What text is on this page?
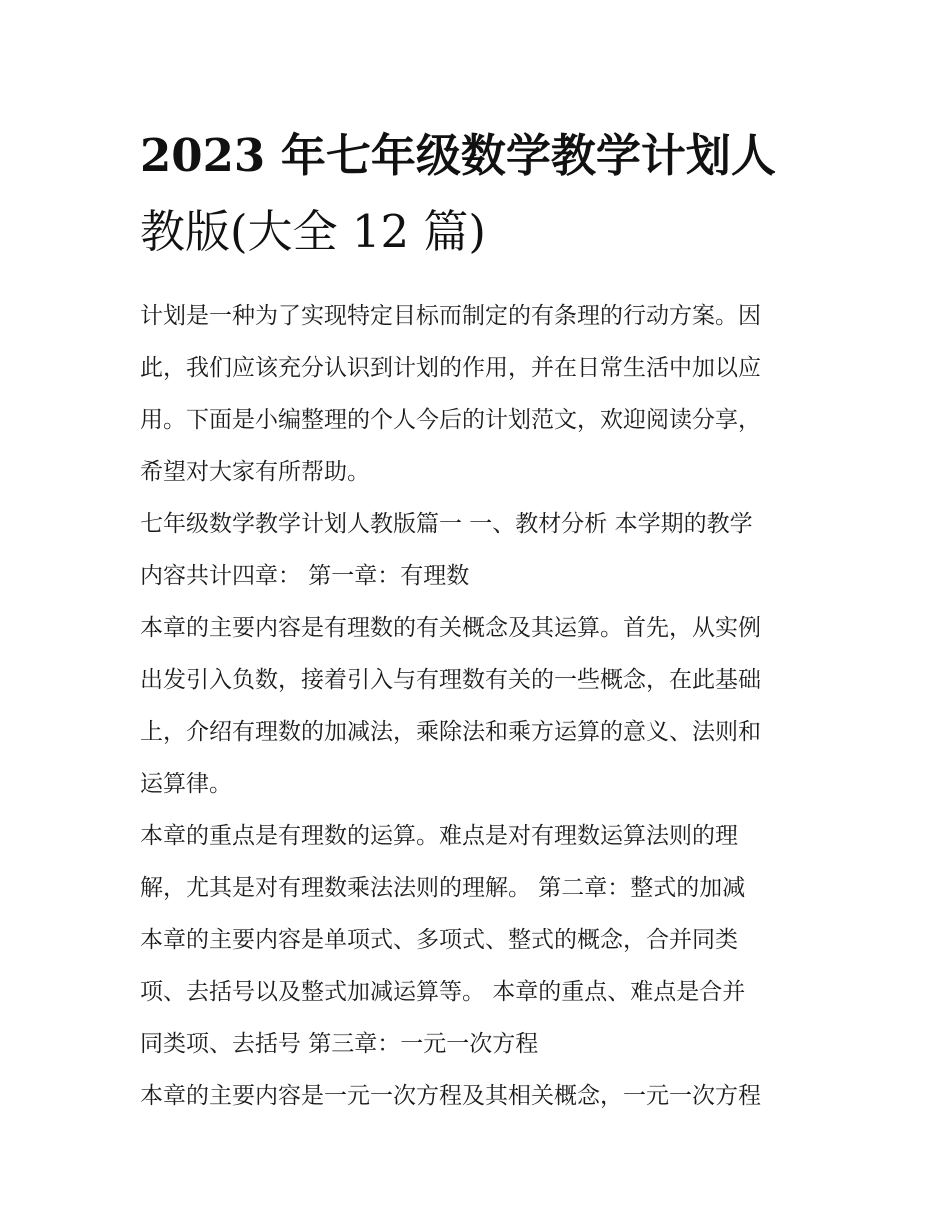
2023 年七年级数学教学计划人
教版(大全 12 篇)
计划是一种为了实现特定目标而制定的有条理的行动方案。因
此，我们应该充分认识到计划的作用，并在日常生活中加以应
用。下面是小编整理的个人今后的计划范文，欢迎阅读分享，
希望对大家有所帮助。
七年级数学教学计划人教版篇一 一、教材分析 本学期的教学
内容共计四章： 第一章：有理数
本章的主要内容是有理数的有关概念及其运算。首先，从实例
出发引入负数，接着引入与有理数有关的一些概念，在此基础
上，介绍有理数的加减法，乘除法和乘方运算的意义、法则和
运算律。
本章的重点是有理数的运算。难点是对有理数运算法则的理
解，尤其是对有理数乘法法则的理解。 第二章：整式的加减
本章的主要内容是单项式、多项式、整式的概念，合并同类
项、去括号以及整式加减运算等。 本章的重点、难点是合并
同类项、去括号 第三章：一元一次方程
本章的主要内容是一元一次方程及其相关概念，一元一次方程
